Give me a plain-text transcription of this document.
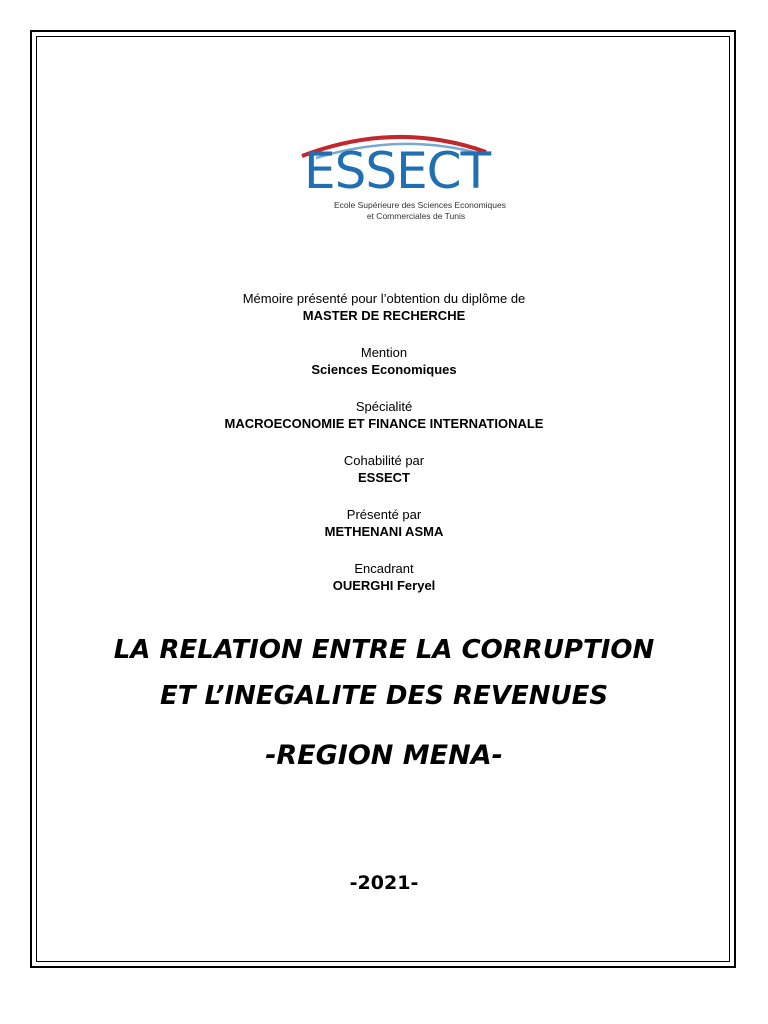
ESSECT
Ecole Supérieure des Sciences Economiques
et Commerciales de Tunis
Mémoire présenté pour l’obtention du diplôme de
MASTER DE RECHERCHE
Mention
Sciences Economiques
Spécialité
MACROECONOMIE ET FINANCE INTERNATIONALE
Cohabilité par
ESSECT
Présenté par
METHENANI ASMA
Encadrant
OUERGHI Feryel
LA RELATION ENTRE LA CORRUPTION
ET L’INEGALITE DES REVENUES
-REGION MENA-
-2021-
